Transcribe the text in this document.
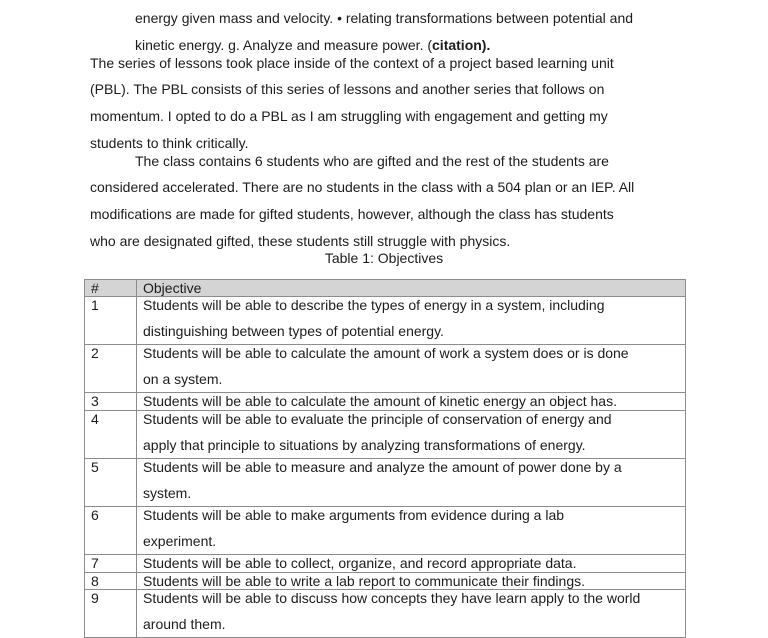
energy given mass and velocity. • relating transformations between potential and
kinetic energy. g. Analyze and measure power. (citation).
The series of lessons took place inside of the context of a project based learning unit
(PBL). The PBL consists of this series of lessons and another series that follows on
momentum. I opted to do a PBL as I am struggling with engagement and getting my
students to think critically.
The class contains 6 students who are gifted and the rest of the students are
considered accelerated. There are no students in the class with a 504 plan or an IEP. All
modifications are made for gifted students, however, although the class has students
who are designated gifted, these students still struggle with physics.
Table 1: Objectives
#	Objective
1	Students will be able to describe the types of energy in a system, including
distinguishing between types of potential energy.

2	Students will be able to calculate the amount of work a system does or is done
on a system.

3	Students will be able to calculate the amount of kinetic energy an object has.

4	Students will be able to evaluate the principle of conservation of energy and
apply that principle to situations by analyzing transformations of energy.

5	Students will be able to measure and analyze the amount of power done by a
system.

6	Students will be able to make arguments from evidence during a lab
experiment.

7	Students will be able to collect, organize, and record appropriate data.

8	Students will be able to write a lab report to communicate their findings.

9	Students will be able to discuss how concepts they have learn apply to the world
around them.
